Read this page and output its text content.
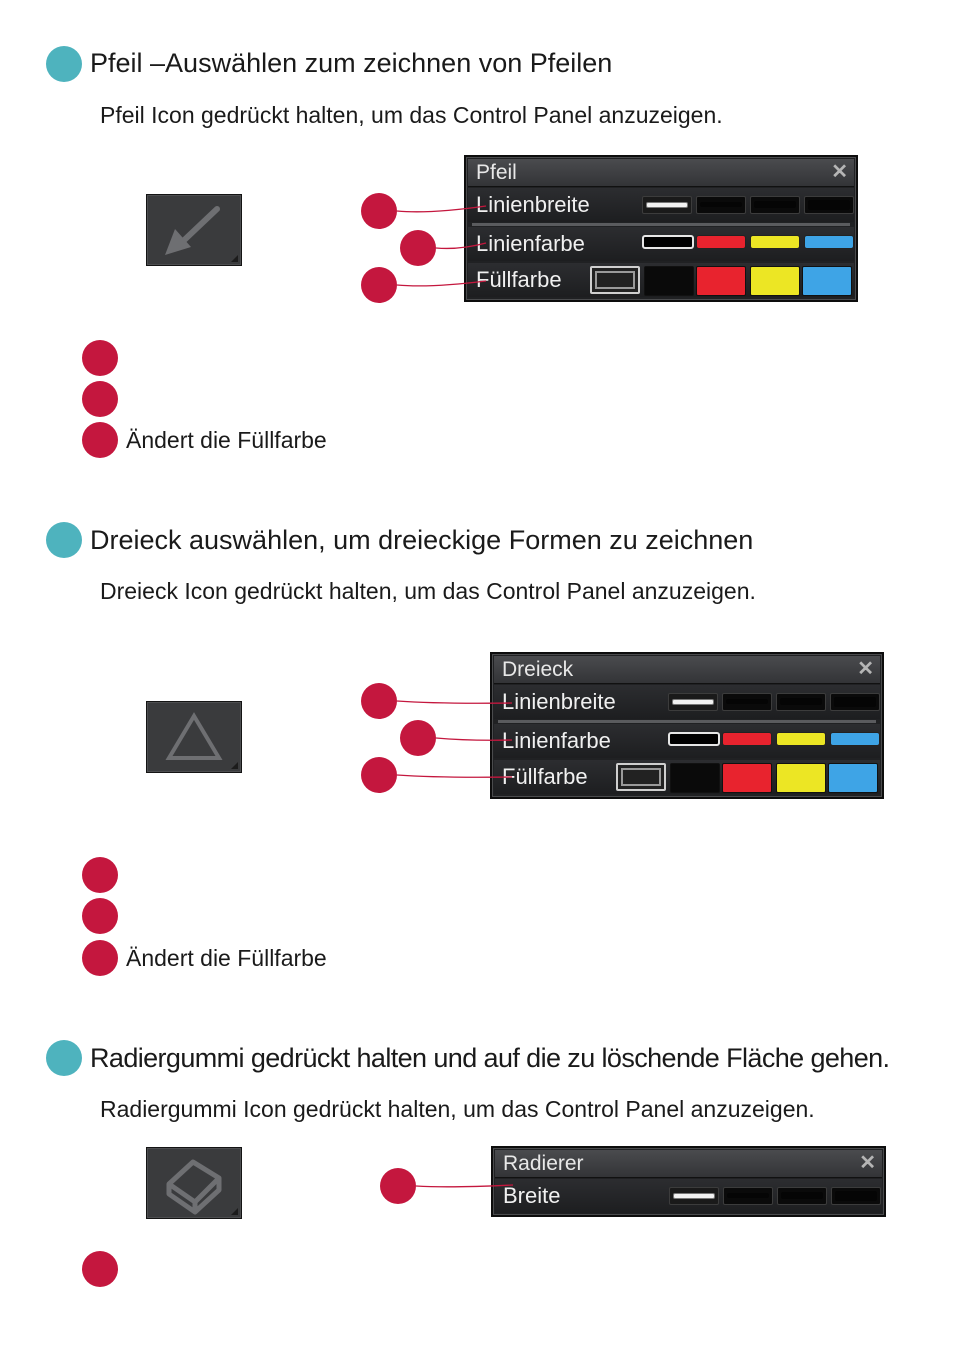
Pfeil –Auswählen zum zeichnen von Pfeilen
Pfeil Icon gedrückt halten, um das Control Panel anzuzeigen.
Pfeil	✕
Linienbreite
Linienfarbe
Füllfarbe
Ändert die Füllfarbe
Dreieck auswählen, um dreieckige Formen zu zeichnen
Dreieck Icon gedrückt halten, um das Control Panel anzuzeigen.
Dreieck	✕
Linienbreite
Linienfarbe
Füllfarbe
Ändert die Füllfarbe
Radiergummi gedrückt halten und auf die zu löschende Fläche gehen.
Radiergummi Icon gedrückt halten, um das Control Panel anzuzeigen.
Radierer	✕
Breite
